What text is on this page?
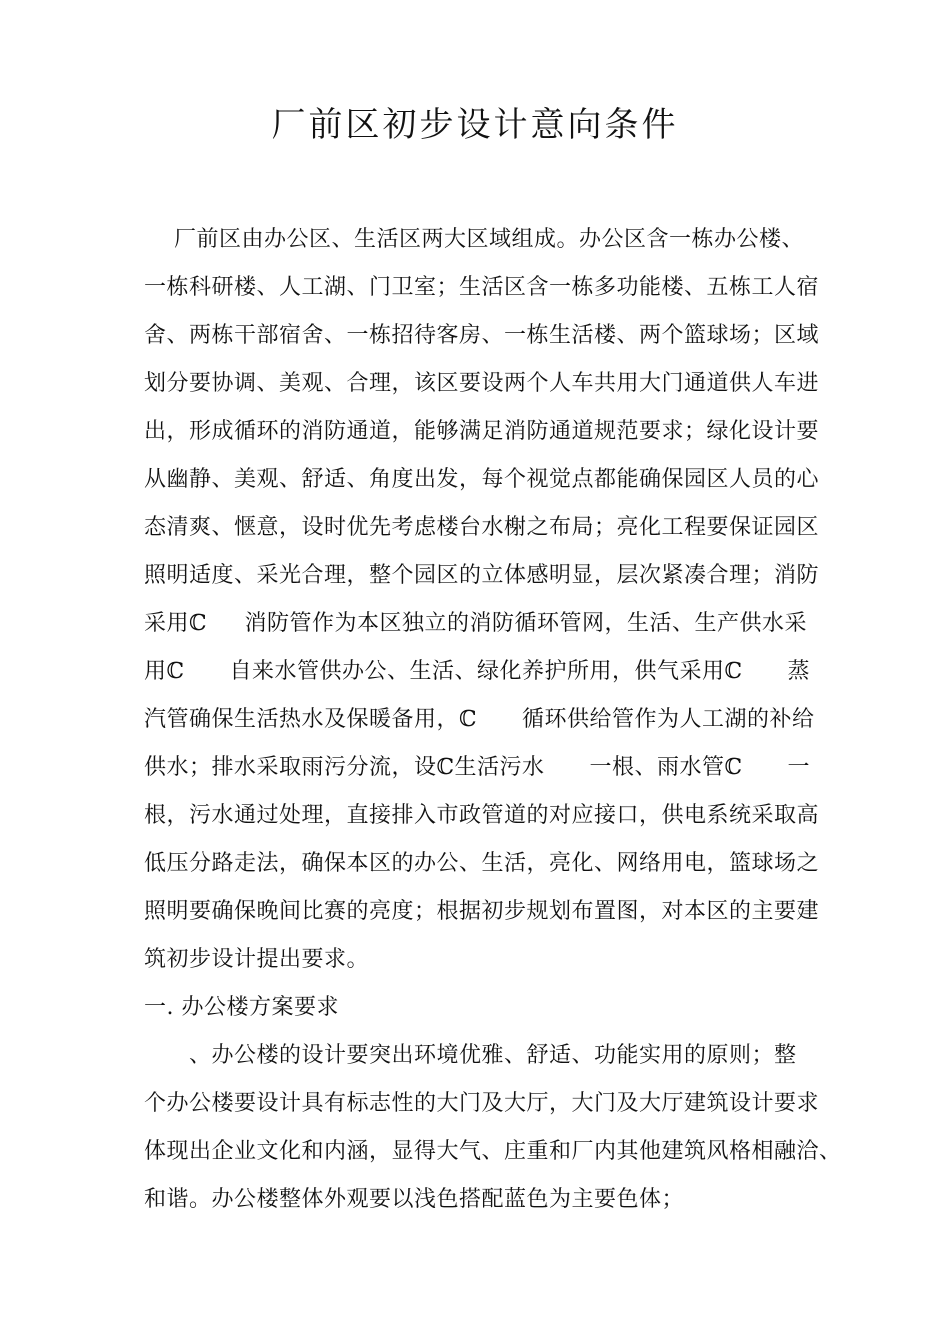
厂前区初步设计意向条件
厂前区由办公区、生活区两大区域组成。办公区含一栋办公楼、
一栋科研楼、人工湖、门卫室；生活区含一栋多功能楼、五栋工人宿
舍、两栋干部宿舍、一栋招待客房、一栋生活楼、两个篮球场；区域
划分要协调、美观、合理，该区要设两个人车共用大门通道供人车进
出，形成循环的消防通道，能够满足消防通道规范要求；绿化设计要
从幽静、美观、舒适、角度出发，每个视觉点都能确保园区人员的心
态清爽、惬意，设时优先考虑楼台水榭之布局；亮化工程要保证园区
照明适度、采光合理，整个园区的立体感明显，层次紧凑合理；消防
采用ℂ     消防管作为本区独立的消防循环管网，生活、生产供水采
用ℂ      自来水管供办公、生活、绿化养护所用，供气采用ℂ      蒸
汽管确保生活热水及保暖备用，ℂ      循环供给管作为人工湖的补给
供水；排水采取雨污分流，设ℂ生活污水      一根、雨水管ℂ      一
根，污水通过处理，直接排入市政管道的对应接口，供电系统采取高
低压分路走法，确保本区的办公、生活，亮化、网络用电，篮球场之
照明要确保晚间比赛的亮度；根据初步规划布置图，对本区的主要建
筑初步设计提出要求。
一. 办公楼方案要求
、办公楼的设计要突出环境优雅、舒适、功能实用的原则；整
个办公楼要设计具有标志性的大门及大厅，大门及大厅建筑设计要求
体现出企业文化和内涵，显得大气、庄重和厂内其他建筑风格相融洽、
和谐。办公楼整体外观要以浅色搭配蓝色为主要色体；
